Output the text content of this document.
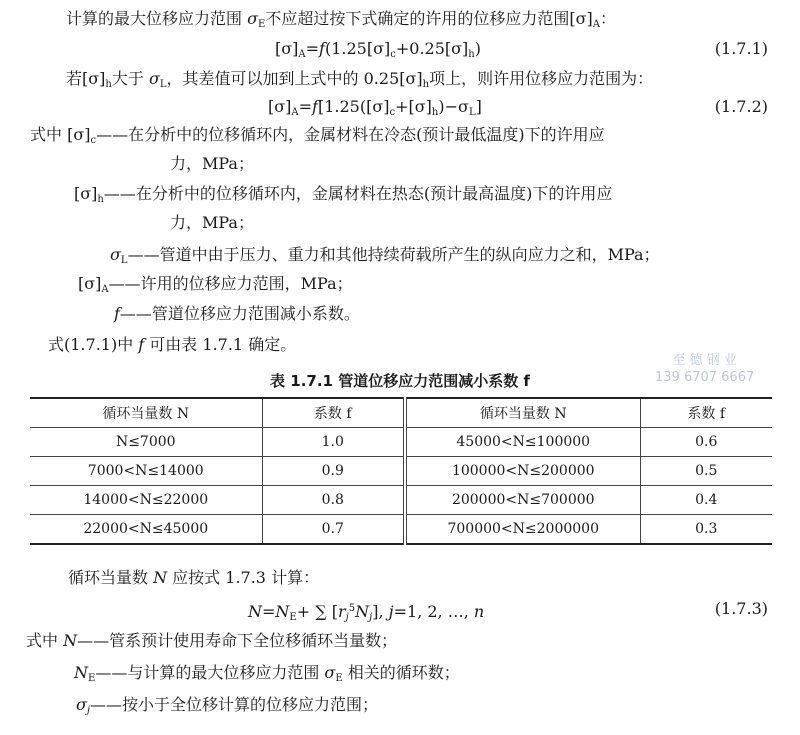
计算的最大位移应力范围 $\sigma_E$不应超过按下式确定的许用的位移应力范围$[\sigma]_A$：
$[\sigma]_A=f(1.25[\sigma]_c+0.25[\sigma]_h)$	(1.7.1)
若$[\sigma]_h$大于 $\sigma_L$，其差值可以加到上式中的 $0.25[\sigma]_h$项上，则许用位移应力范围为：
$[\sigma]_A=f[1.25([\sigma]_c+[\sigma]_h)-\sigma_L]$	(1.7.2)
式中 $[\sigma]_c——$在分析中的位移循环内，金属材料在冷态(预计最低温度)下的许用应
力，MPa；
$[\sigma]_h——$在分析中的位移循环内，金属材料在热态(预计最高温度)下的许用应
力，MPa；
$\sigma_L——$管道中由于压力、重力和其他持续荷载所产生的纵向应力之和，MPa；
$[\sigma]_A——$许用的位移应力范围，MPa；
f——管道位移应力范围减小系数。
式(1.7.1)中 f 可由表 1.7.1 确定。
循环当量数 N 应按式 1.7.3 计算：
$N=N_E+$ ∑ $[r_j^5N_j]$, j=1, 2, …, n	(1.7.3)
式中 N——管系预计使用寿命下全位移循环当量数；
$N_E——$与计算的最大位移应力范围 $\sigma_E$ 相关的循环数；
$\sigma_j——$按小于全位移计算的位移应力范围；
表 1.7.1 管道位移应力范围减小系数 f
至 德 钢 业
139 6707 6667
循环当量数 N	系数 f	循环当量数 N	系数 f
N≤7000	1.0	45000<N≤100000	0.6
7000<N≤14000	0.9	100000<N≤200000	0.5
14000<N≤22000	0.8	200000<N≤700000	0.4
22000<N≤45000	0.7	700000<N≤2000000	0.3
